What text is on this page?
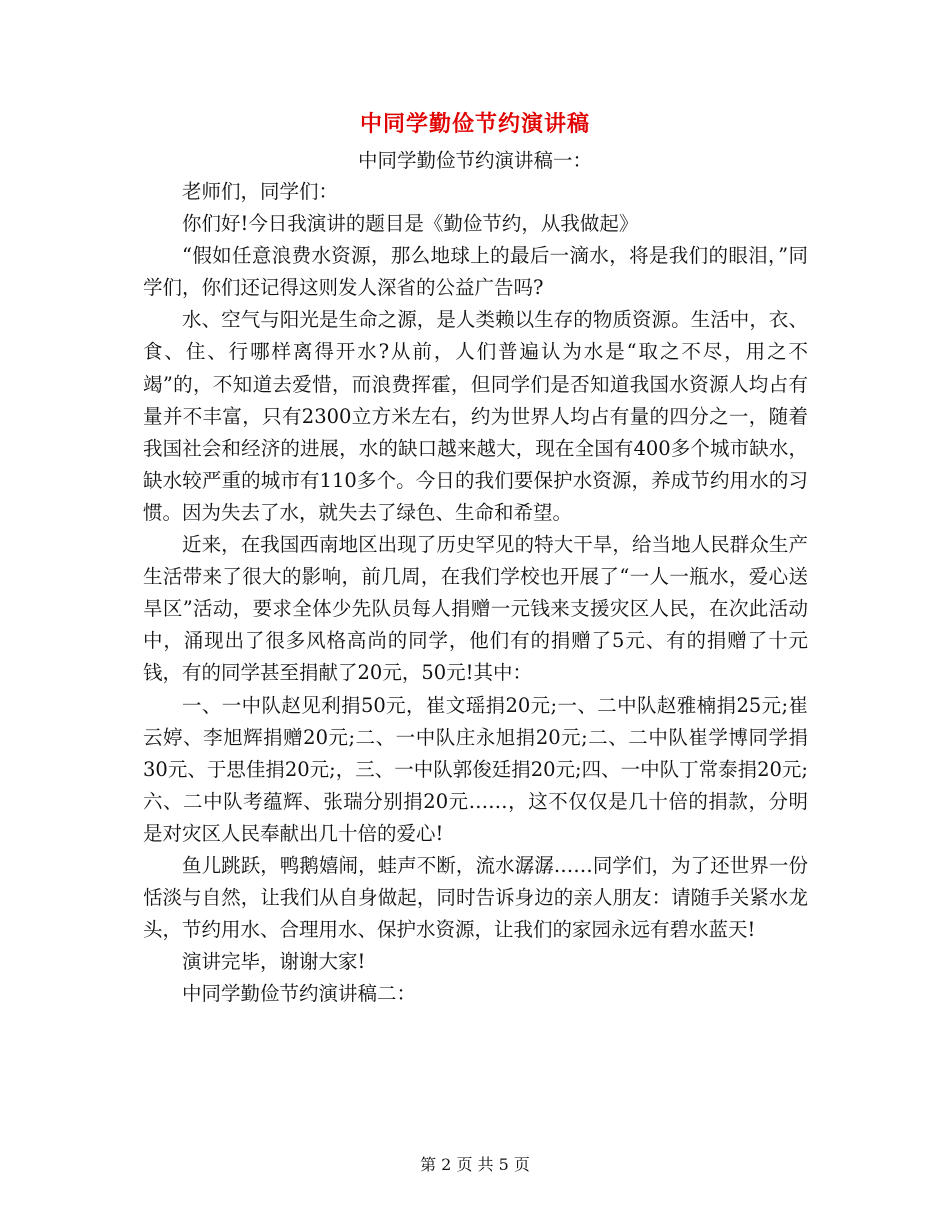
中同学勤俭节约演讲稿
中同学勤俭节约演讲稿一：

老师们，同学们：

你们好!今日我演讲的题目是《勤俭节约，从我做起》

“假如任意浪费水资源，那么地球上的最后一滴水，将是我们的眼泪，”同学们，你们还记得这则发人深省的公益广告吗?

水、空气与阳光是生命之源，是人类赖以生存的物质资源。生活中，衣、食、住、行哪样离得开水?从前，人们普遍认为水是“取之不尽，用之不竭”的，不知道去爱惜，而浪费挥霍，但同学们是否知道我国水资源人均占有量并不丰富，只有2300立方米左右，约为世界人均占有量的四分之一，随着我国社会和经济的进展，水的缺口越来越大，现在全国有400多个城市缺水，缺水较严重的城市有110多个。今日的我们要保护水资源，养成节约用水的习惯。因为失去了水，就失去了绿色、生命和希望。

近来，在我国西南地区出现了历史罕见的特大干旱，给当地人民群众生产生活带来了很大的影响，前几周，在我们学校也开展了“一人一瓶水，爱心送旱区”活动，要求全体少先队员每人捐赠一元钱来支援灾区人民，在次此活动中，涌现出了很多风格高尚的同学，他们有的捐赠了5元、有的捐赠了十元钱，有的同学甚至捐献了20元，50元!其中：

一、一中队赵见利捐50元，崔文瑶捐20元;一、二中队赵雅楠捐25元;崔云婷、李旭辉捐赠20元;二、一中队庄永旭捐20元;二、二中队崔学博同学捐30元、于思佳捐20元;，三、一中队郭俊廷捐20元;四、一中队丁常泰捐20元;六、二中队考蕴辉、张瑞分别捐20元……，这不仅仅是几十倍的捐款，分明是对灾区人民奉献出几十倍的爱心!

鱼儿跳跃，鸭鹅嬉闹，蛙声不断，流水潺潺……同学们，为了还世界一份恬淡与自然，让我们从自身做起，同时告诉身边的亲人朋友：请随手关紧水龙头，节约用水、合理用水、保护水资源，让我们的家园永远有碧水蓝天!

演讲完毕，谢谢大家!

中同学勤俭节约演讲稿二：

第 2 页 共 5 页
